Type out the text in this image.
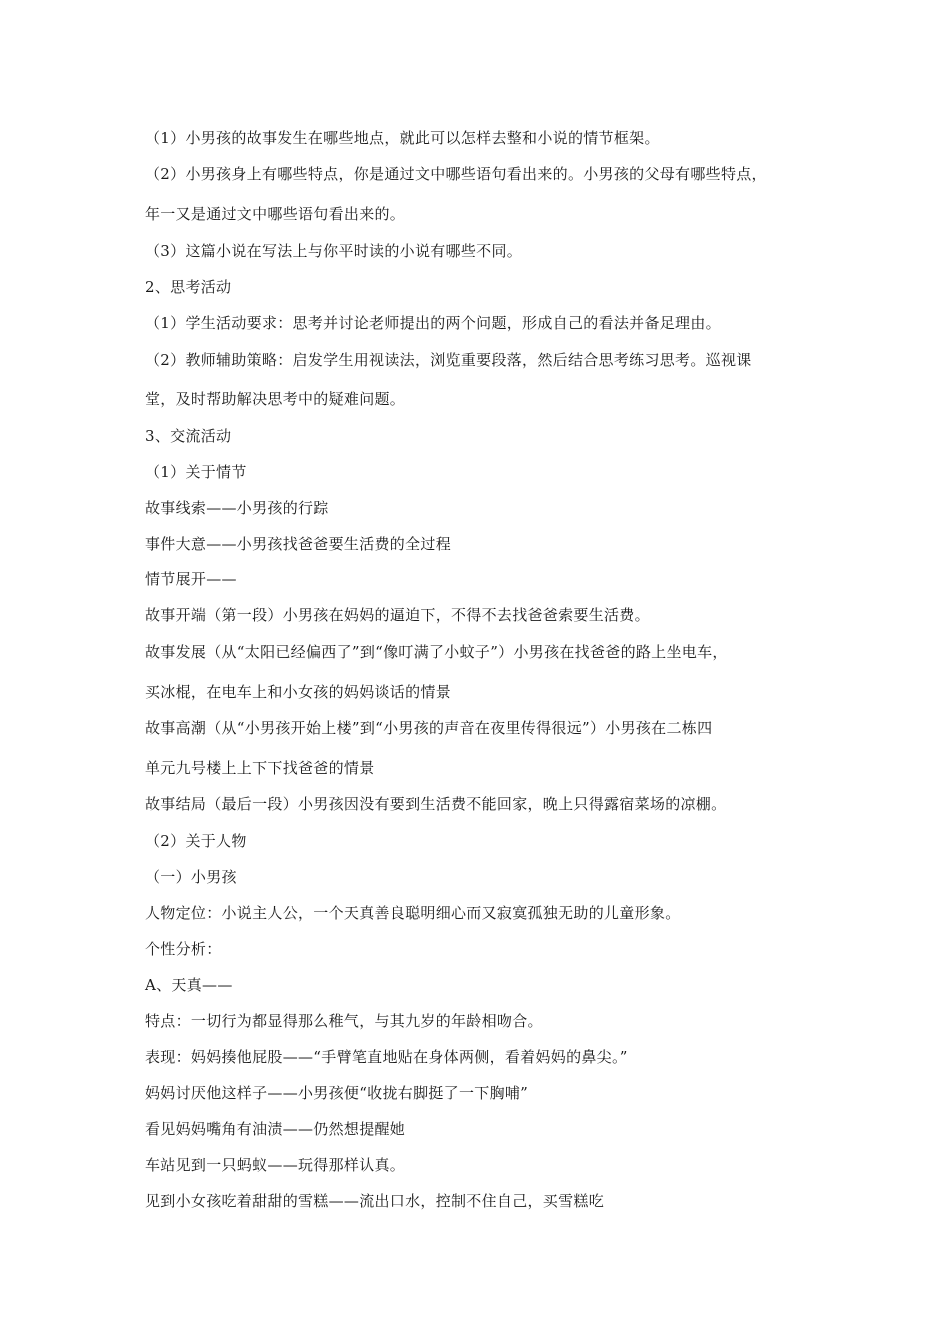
（1）小男孩的故事发生在哪些地点，就此可以怎样去整和小说的情节框架。
（2）小男孩身上有哪些特点，你是通过文中哪些语句看出来的。小男孩的父母有哪些特点，
年一又是通过文中哪些语句看出来的。
（3）这篇小说在写法上与你平时读的小说有哪些不同。
2、思考活动
（1）学生活动要求：思考并讨论老师提出的两个问题，形成自己的看法并备足理由。
（2）教师辅助策略：启发学生用视读法，浏览重要段落，然后结合思考练习思考。巡视课
堂，及时帮助解决思考中的疑难问题。
3、交流活动
（1）关于情节
故事线索——小男孩的行踪
事件大意——小男孩找爸爸要生活费的全过程
情节展开——
故事开端（第一段）小男孩在妈妈的逼迫下，不得不去找爸爸索要生活费。
故事发展（从“太阳已经偏西了”到“像叮满了小蚊子”）小男孩在找爸爸的路上坐电车，
买冰棍，在电车上和小女孩的妈妈谈话的情景
故事高潮（从“小男孩开始上楼”到“小男孩的声音在夜里传得很远”）小男孩在二栋四
单元九号楼上上下下找爸爸的情景
故事结局（最后一段）小男孩因没有要到生活费不能回家，晚上只得露宿菜场的凉棚。
（2）关于人物
（一）小男孩
人物定位：小说主人公，一个天真善良聪明细心而又寂寞孤独无助的儿童形象。
个性分析：
A、天真——
特点：一切行为都显得那么稚气，与其九岁的年龄相吻合。
表现：妈妈揍他屁股——“手臂笔直地贴在身体两侧，看着妈妈的鼻尖。”
妈妈讨厌他这样子——小男孩便“收拢右脚挺了一下胸哺”
看见妈妈嘴角有油渍——仍然想提醒她
车站见到一只蚂蚁——玩得那样认真。
见到小女孩吃着甜甜的雪糕——流出口水，控制不住自己，买雪糕吃
